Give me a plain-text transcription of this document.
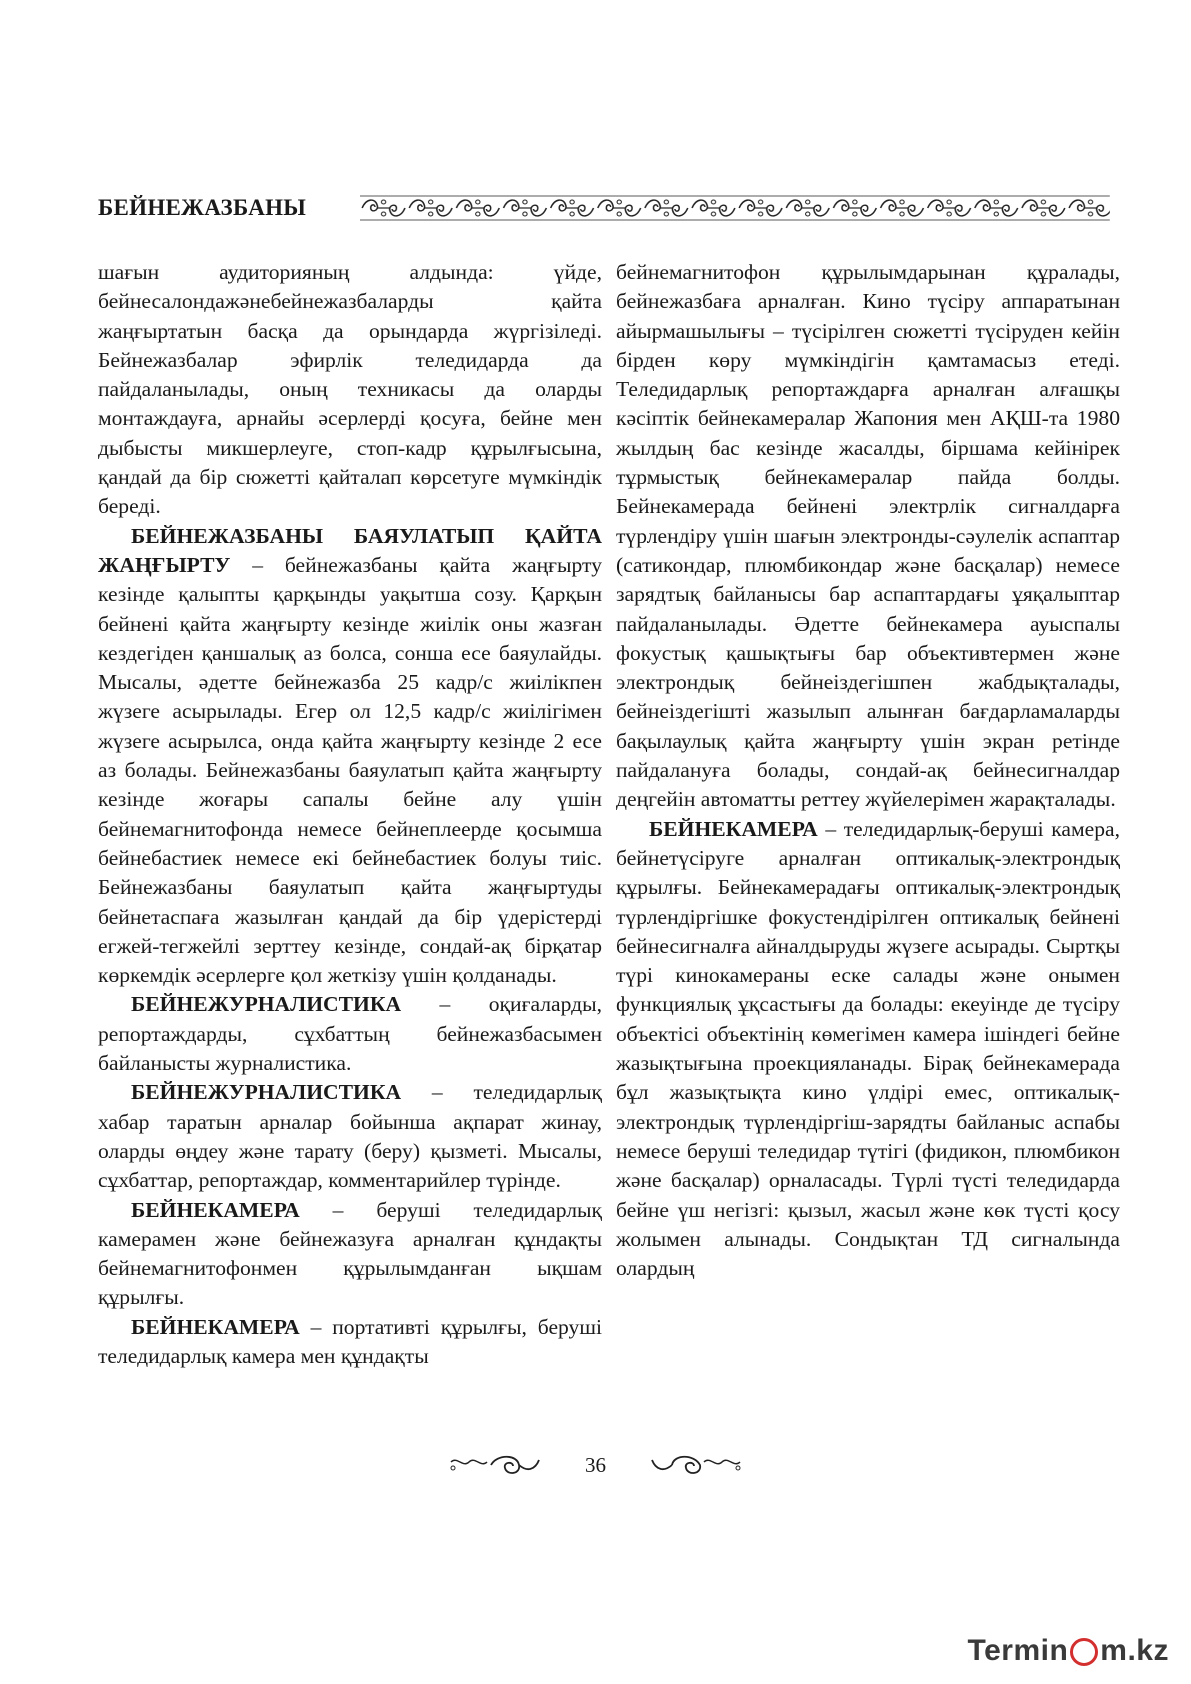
БЕЙНЕЖАЗБАНЫ

шағын аудиторияның алдында: үйде, бейнесалондажәнебейнежазбаларды қайта жаңғыртатын басқа да орындарда жүргізіледі. Бейнежазбалар эфирлік теледидарда да пайдаланылады, оның техникасы да оларды монтаждауға, арнайы әсерлерді қосуға, бейне мен дыбысты микшерлеуге, стоп-кадр құрылғысына, қандай да бір сюжетті қайталап көрсетуге мүмкіндік береді.

БЕЙНЕЖАЗБАНЫ БАЯУЛАТЫП ҚАЙТА ЖАҢҒЫРТУ – бейнежазбаны қайта жаңғырту кезінде қалыпты қарқынды уақытша созу. Қарқын бейнені қайта жаңғырту кезінде жиілік оны жазған кездегіден қаншалық аз болса, сонша есе баяулайды. Мысалы, әдетте бейнежазба 25 кадр/с жиілікпен жүзеге асырылады. Егер ол 12,5 кадр/с жиілігімен жүзеге асырылса, онда қайта жаңғырту кезінде 2 есе аз болады. Бейнежазбаны баяулатып қайта жаңғырту кезінде жоғары сапалы бейне алу үшін бейнемагнитофонда немесе бейнеплеерде қосымша бейнебастиек немесе екі бейнебастиек болуы тиіс. Бейнежазбаны баяулатып қайта жаңғыртуды бейнетаспаға жазылған қандай да бір үдерістерді егжей-тегжейлі зерттеу кезінде, сондай-ақ бірқатар көркемдік әсерлерге қол жеткізу үшін қолданады.

БЕЙНЕЖУРНАЛИСТИКА – оқиғаларды, репортаждарды, сұхбаттың бейнежазбасымен байланысты журналистика.

БЕЙНЕЖУРНАЛИСТИКА – теледидарлық хабар таратын арналар бойынша ақпарат жинау, оларды өңдеу және тарату (беру) қызметі. Мысалы, сұхбаттар, репортаждар, комментарийлер түрінде.

БЕЙНЕКАМЕРА – беруші теледидарлық камерамен және бейнежазуға арналған құндақты бейнемагнитофонмен құрылымданған ықшам құрылғы.

БЕЙНЕКАМЕРА – портативті құрылғы, беруші теледидарлық камера мен құндақты

бейнемагнитофон құрылымдарынан құралады, бейнежазбаға арналған. Кино түсіру аппаратынан айырмашылығы – түсірілген сюжетті түсіруден кейін бірден көру мүмкіндігін қамтамасыз етеді. Теледидарлық репортаждарға арналған алғашқы кәсіптік бейнекамералар Жапония мен АҚШ-та 1980 жылдың бас кезінде жасалды, біршама кейінірек тұрмыстық бейнекамералар пайда болды. Бейнекамерада бейнені электрлік сигналдарға түрлендіру үшін шағын электронды-сәулелік аспаптар (сатикондар, плюмбикондар және басқалар) немесе зарядтық байланысы бар аспаптардағы ұяқалыптар пайдаланылады. Әдетте бейнекамера ауыспалы фокустық қашықтығы бар объективтермен және электрондық бейнеіздегішпен жабдықталады, бейнеіздегішті жазылып алынған бағдарламаларды бақылаулық қайта жаңғырту үшін экран ретінде пайдалануға болады, сондай-ақ бейнесигналдар деңгейін автоматты реттеу жүйелерімен жарақталады.

БЕЙНЕКАМЕРА – теледидарлық-беруші камера, бейнетүсіруге арналған оптикалық-электрондық құрылғы. Бейнекамерадағы оптикалық-электрондық түрлендіргішке фокустендірілген оптикалық бейнені бейнесигналға айналдыруды жүзеге асырады. Сыртқы түрі кинокамераны еске салады және онымен функциялық ұқсастығы да болады: екеуінде де түсіру объектісі объектінің көмегімен камера ішіндегі бейне жазықтығына проекцияланады. Бірақ бейнекамерада бұл жазықтықта кино үлдірі емес, оптикалық-электрондық түрлендіргіш-зарядты байланыс аспабы немесе беруші теледидар түтігі (фидикон, плюмбикон және басқалар) орналасады. Түрлі түсті теледидарда бейне үш негізгі: қызыл, жасыл және көк түсті қосу жолымен алынады. Сондықтан ТД сигналында олардың

36
Termin m.kz
